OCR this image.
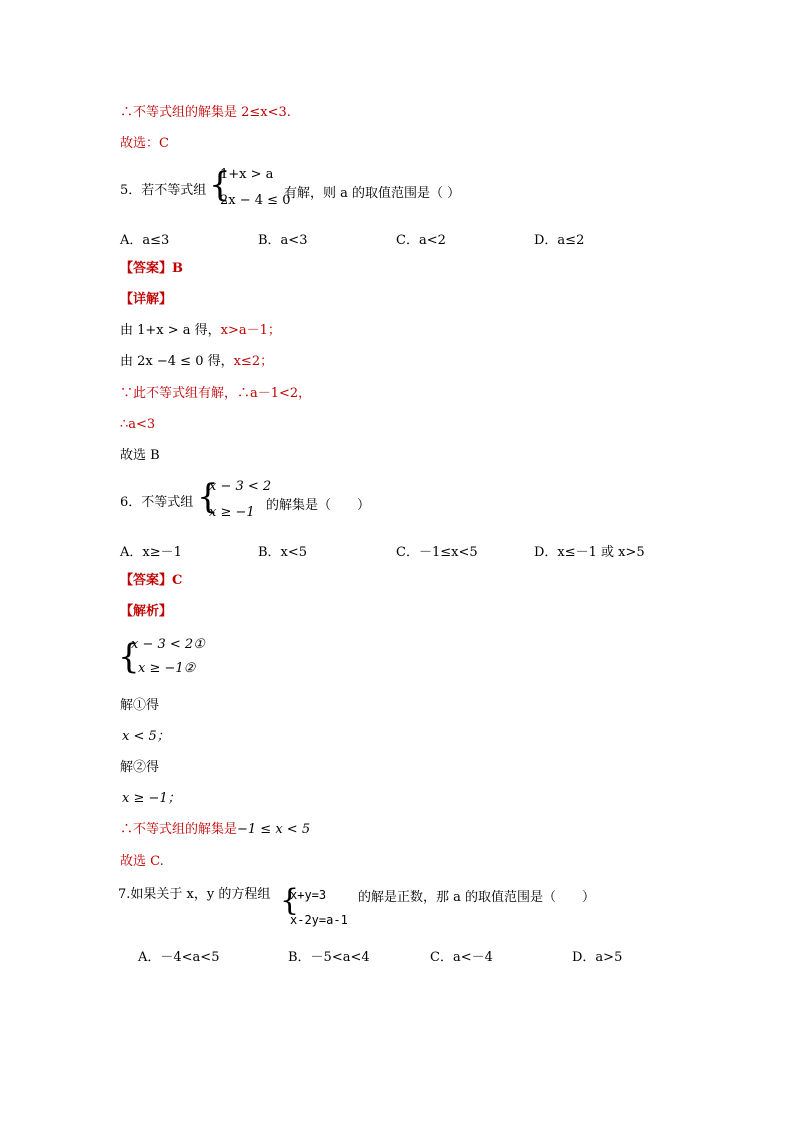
∴不等式组的解集是 2≤x<3.
故选：C
5．若不等式组 {
1+x > a
2x − 4 ≤ 0
有解，则 a 的取值范围是（ ）
A．a≤3	B．a<3	C．a<2	D．a≤2
【答案】B
【详解】
由 1+x > a 得，x>a－1；
由 2x −4 ≤ 0 得，x≤2；
∵此不等式组有解，∴a－1<2，
∴a<3
故选 B
6．不等式组 {
x − 3 < 2
x ≥ −1 的解集是（　　）
A．x≥－1	B．x<5	C．－1≤x<5	D．x≤－1 或 x>5
【答案】C
【解析】
{
x − 3 < 2①
x ≥ −1②
解①得
x < 5；
解②得
x ≥ −1；
∴不等式组的解集是−1 ≤ x < 5
故选 C.
7.如果关于 x，y 的方程组 {
x+y=3
x-2y=a-1
的解是正数，那 a 的取值范围是（　　）
A．－4<a<5	B．－5<a<4	C．a<－4	D．a>5
